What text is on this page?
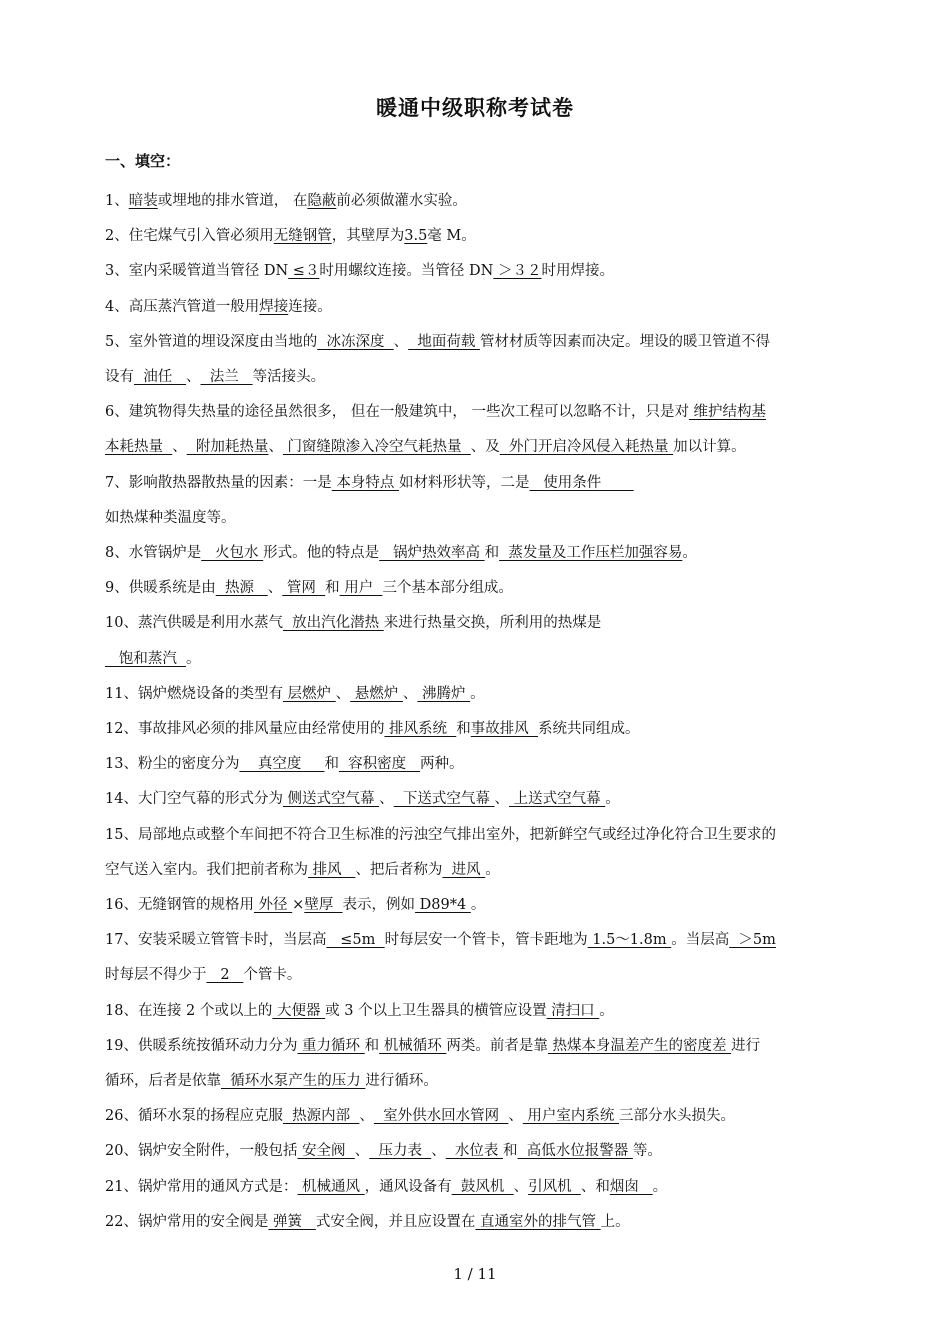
暖通中级职称考试卷
一、填空：
1、暗装或埋地的排水管道， 在隐蔽前必须做灌水实验。
2、住宅煤气引入管必须用无缝钢管，其壁厚为3.5毫 M。
3、室内采暖管道当管径 DN ≤３时用螺纹连接。当管径 DN ＞３２时用焊接。
4、高压蒸汽管道一般用焊接连接。
5、室外管道的埋设深度由当地的  冰冻深度  、  地面荷载 管材材质等因素而决定。埋设的暖卫管道不得
设有  油任   、  法兰   等活接头。
6、建筑物得失热量的途径虽然很多， 但在一般建筑中， 一些次工程可以忽略不计，只是对 维护结构基
本耗热量  、  附加耗热量、 门窗缝隙渗入冷空气耗热量  、及  外门开启冷风侵入耗热量 加以计算。
7、影响散热器散热量的因素：一是 本身特点 如材料形状等，二是   使用条件
如热煤种类温度等。
8、水管锅炉是   火包水 形式。他的特点是   锅炉热效率高 和  蒸发量及工作压栏加强容易。
9、供暖系统是由  热源   、 管网  和 用户  三个基本部分组成。
10、蒸汽供暖是利用水蒸气  放出汽化潜热 来进行热量交换，所利用的热煤是
饱和蒸汽  。
11、锅炉燃烧设备的类型有 层燃炉 、 悬燃炉 、 沸腾炉 。
12、事故排风必须的排风量应由经常使用的 排风系统  和事故排风  系统共同组成。
13、粉尘的密度分为    真空度     和  容积密度   两种。
14、大门空气幕的形式分为 侧送式空气幕 、  下送式空气幕 、 上送式空气幕 。
15、局部地点或整个车间把不符合卫生标准的污浊空气排出室外，把新鲜空气或经过净化符合卫生要求的
空气送入室内。我们把前者称为 排风   、把后者称为  进风 。
16、无缝钢管的规格用 外径 ×壁厚  表示，例如 D89*4 。
17、安装采暖立管管卡时，当层高   ≤5m  时每层安一个管卡，管卡距地为 1.5～1.8m 。当层高  ＞5m
时每层不得少于   2   个管卡。
18、在连接 2 个或以上的 大便器 或 3 个以上卫生器具的横管应设置 清扫口 。
19、供暖系统按循环动力分为 重力循环 和 机械循环 两类。前者是靠 热煤本身温差产生的密度差 进行
循环，后者是依靠  循环水泵产生的压力 进行循环。
26、循环水泵的扬程应克服  热源内部  、  室外供水回水管网  、 用户室内系统 三部分水头损失。
20、锅炉安全附件，一般包括 安全阀  、  压力表  、  水位表 和  高低水位报警器 等。
21、锅炉常用的通风方式是： 机械通风 ，通风设备有  鼓风机  、引风机  、和烟囱   。
22、锅炉常用的安全阀是 弹簧   式安全阀，并且应设置在 直通室外的排气管 上。
1 / 11
